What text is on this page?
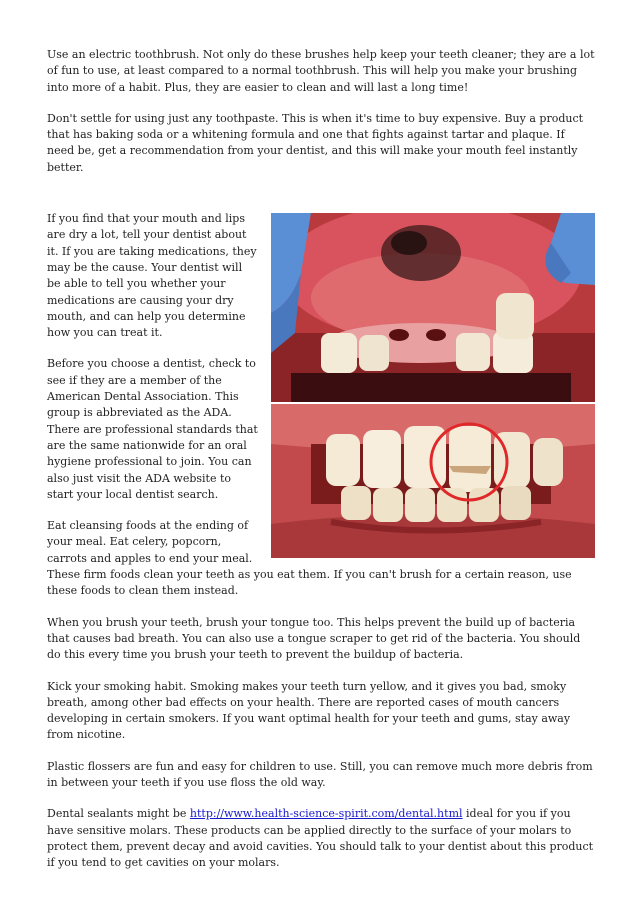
Use an electric toothbrush. Not only do these brushes help keep your teeth cleaner; they are a lot of fun to use, at least compared to a normal toothbrush. This will help you make your brushing into more of a habit. Plus, they are easier to clean and will last a long time!

Don't settle for using just any toothpaste. This is when it's time to buy expensive. Buy a product that has baking soda or a whitening formula and one that fights against tartar and plaque. If need be, get a recommendation from your dentist, and this will make your mouth feel instantly better.

If you find that your mouth and lips are dry a lot, tell your dentist about it. If you are taking medications, they may be the cause. Your dentist will be able to tell you whether your medications are causing your dry mouth, and can help you determine how you can treat it.

Before you choose a dentist, check to see if they are a member of the American Dental Association. This group is abbreviated as the ADA. There are professional standards that are the same nationwide for an oral hygiene professional to join. You can also just visit the ADA website to start your local dentist search.

Eat cleansing foods at the ending of your meal. Eat celery, popcorn, carrots and apples to end your meal. These firm foods clean your teeth as you eat them. If you can't brush for a certain reason, use these foods to clean them instead.

When you brush your teeth, brush your tongue too. This helps prevent the build up of bacteria that causes bad breath. You can also use a tongue scraper to get rid of the bacteria. You should do this every time you brush your teeth to prevent the buildup of bacteria.

Kick your smoking habit. Smoking makes your teeth turn yellow, and it gives you bad, smoky breath, among other bad effects on your health. There are reported cases of mouth cancers developing in certain smokers. If you want optimal health for your teeth and gums, stay away from nicotine.

Plastic flossers are fun and easy for children to use. Still, you can remove much more debris from in between your teeth if you use floss the old way.

Dental sealants might be http://www.health-science-spirit.com/dental.html ideal for you if you have sensitive molars. These products can be applied directly to the surface of your molars to protect them, prevent decay and avoid cavities. You should talk to your dentist about this product if you tend to get cavities on your molars.
